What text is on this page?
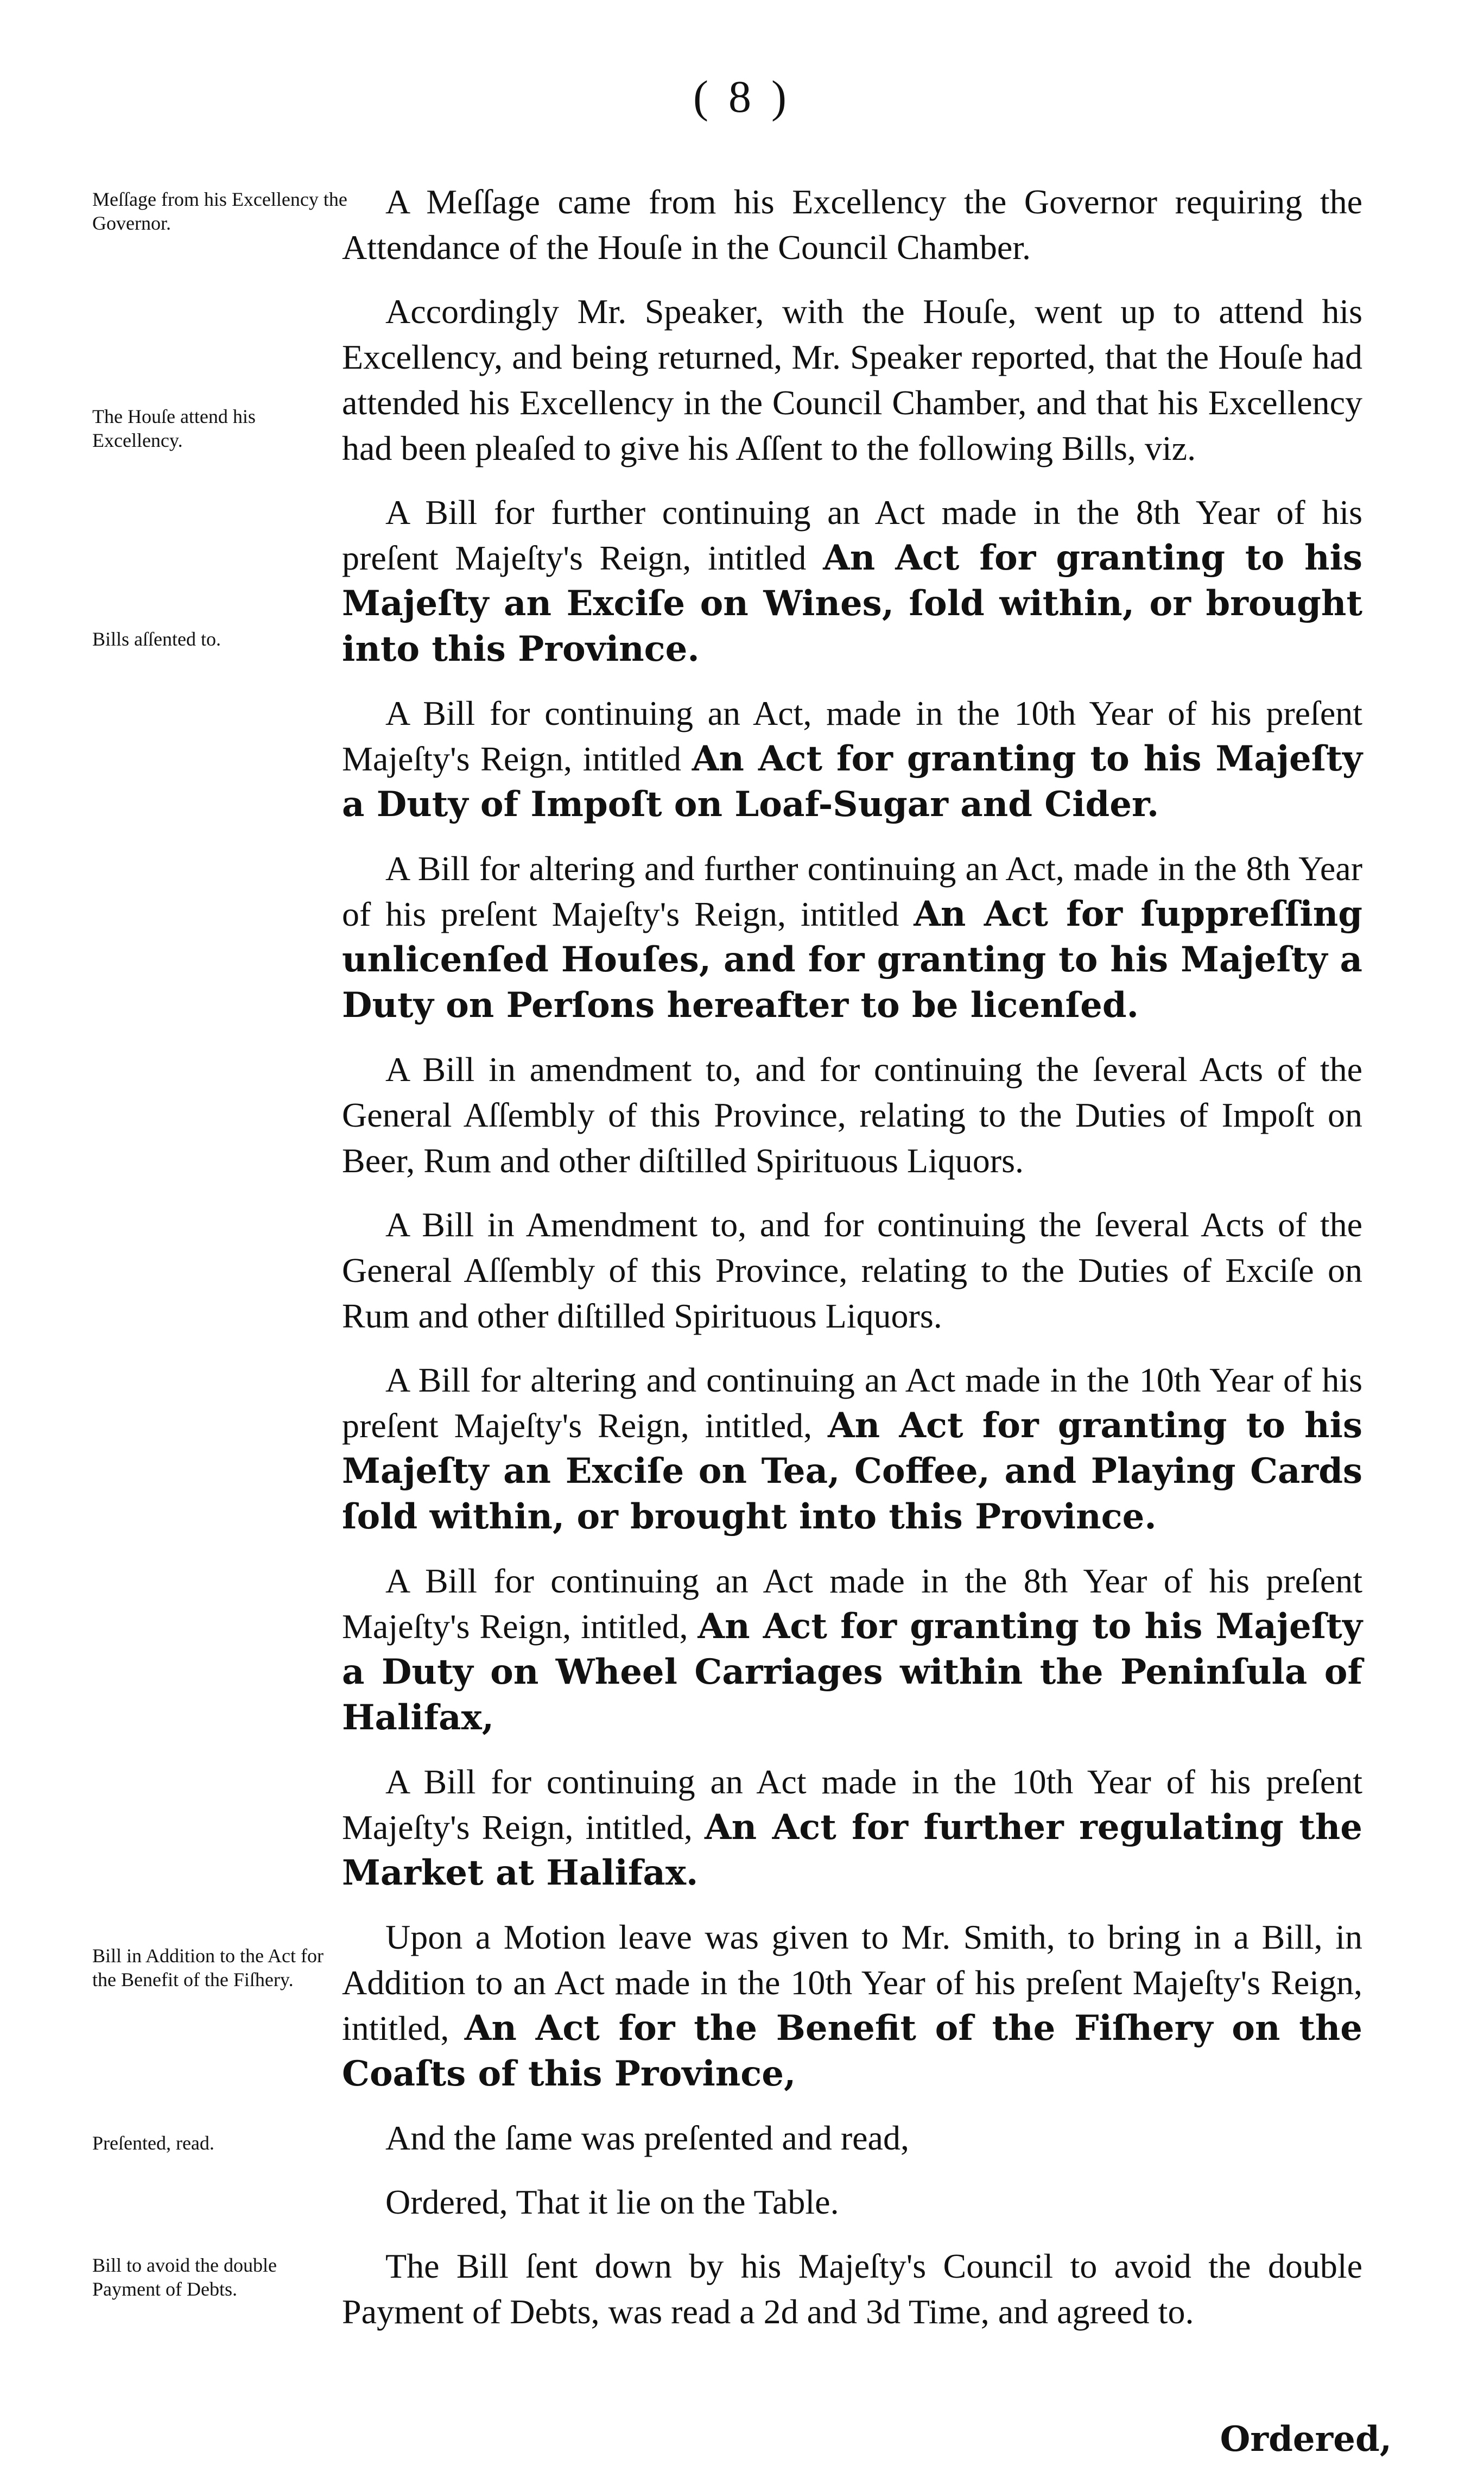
( 8 )
Meſſage from his Excellency the Governor.
The Houſe attend his Excellency.
Bills aſſented to.
Bill in Addition to the Act for the Benefit of the Fiſhery.
Preſented, read.
Bill to avoid the double Payment of Debts.

A Meſſage came from his Excellency the Governor requiring the Attendance of the Houſe in the Council Chamber.

Accordingly Mr. Speaker, with the Houſe, went up to attend his Excellency, and being returned, Mr. Speaker reported, that the Houſe had attended his Excellency in the Council Chamber, and that his Excellency had been pleaſed to give his Aſſent to the following Bills, viz.

A Bill for further continuing an Act made in the 8th Year of his preſent Majeſty's Reign, intitled An Act for granting to his Majeſty an Exciſe on Wines, ſold within, or brought into this Province.

A Bill for continuing an Act, made in the 10th Year of his preſent Majeſty's Reign, intitled An Act for granting to his Majeſty a Duty of Impoſt on Loaf-Sugar and Cider.

A Bill for altering and further continuing an Act, made in the 8th Year of his preſent Majeſty's Reign, intitled An Act for ſuppreſſing unlicenſed Houſes, and for granting to his Majeſty a Duty on Perſons hereafter to be licenſed.

A Bill in amendment to, and for continuing the ſeveral Acts of the General Aſſembly of this Province, relating to the Duties of Impoſt on Beer, Rum and other diſtilled Spirituous Liquors.

A Bill in Amendment to, and for continuing the ſeveral Acts of the General Aſſembly of this Province, relating to the Duties of Exciſe on Rum and other diſtilled Spirituous Liquors.

A Bill for altering and continuing an Act made in the 10th Year of his preſent Majeſty's Reign, intitled, An Act for granting to his Majeſty an Exciſe on Tea, Coffee, and Playing Cards ſold within, or brought into this Province.

A Bill for continuing an Act made in the 8th Year of his preſent Majeſty's Reign, intitled, An Act for granting to his Majeſty a Duty on Wheel Carriages within the Peninſula of Halifax,

A Bill for continuing an Act made in the 10th Year of his preſent Majeſty's Reign, intitled, An Act for further regulating the Market at Halifax.

Upon a Motion leave was given to Mr. Smith, to bring in a Bill, in Addition to an Act made in the 10th Year of his preſent Majeſty's Reign, intitled, An Act for the Benefit of the Fiſhery on the Coaſts of this Province,

And the ſame was preſented and read,

Ordered, That it lie on the Table.

The Bill ſent down by his Majeſty's Council to avoid the double Payment of Debts, was read a 2d and 3d Time, and agreed to.

Ordered,
